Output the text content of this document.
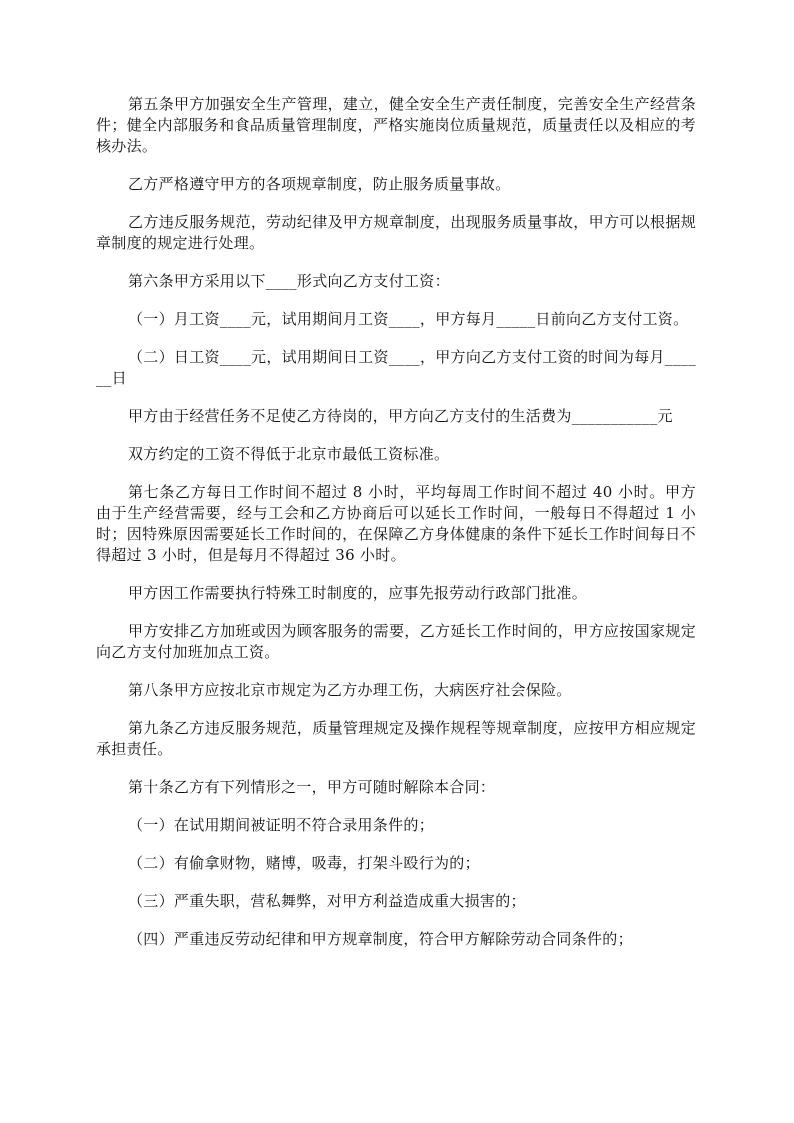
第五条甲方加强安全生产管理，建立，健全安全生产责任制度，完善安全生产经营条件；健全内部服务和食品质量管理制度，严格实施岗位质量规范，质量责任以及相应的考核办法。

乙方严格遵守甲方的各项规章制度，防止服务质量事故。

乙方违反服务规范，劳动纪律及甲方规章制度，出现服务质量事故，甲方可以根据规章制度的规定进行处理。

第六条甲方采用以下____形式向乙方支付工资：

（一）月工资____元，试用期间月工资____，甲方每月_____日前向乙方支付工资。

（二）日工资____元，试用期间日工资____，甲方向乙方支付工资的时间为每月______日

甲方由于经营任务不足使乙方待岗的，甲方向乙方支付的生活费为___________元

双方约定的工资不得低于北京市最低工资标准。

第七条乙方每日工作时间不超过 8 小时，平均每周工作时间不超过 40 小时。甲方由于生产经营需要，经与工会和乙方协商后可以延长工作时间，一般每日不得超过 1 小时；因特殊原因需要延长工作时间的，在保障乙方身体健康的条件下延长工作时间每日不得超过 3 小时，但是每月不得超过 36 小时。

甲方因工作需要执行特殊工时制度的，应事先报劳动行政部门批准。

甲方安排乙方加班或因为顾客服务的需要，乙方延长工作时间的，甲方应按国家规定向乙方支付加班加点工资。

第八条甲方应按北京市规定为乙方办理工伤，大病医疗社会保险。

第九条乙方违反服务规范，质量管理规定及操作规程等规章制度，应按甲方相应规定承担责任。

第十条乙方有下列情形之一，甲方可随时解除本合同：

（一）在试用期间被证明不符合录用条件的；

（二）有偷拿财物，赌博，吸毒，打架斗殴行为的；

（三）严重失职，营私舞弊，对甲方利益造成重大损害的；

（四）严重违反劳动纪律和甲方规章制度，符合甲方解除劳动合同条件的；
